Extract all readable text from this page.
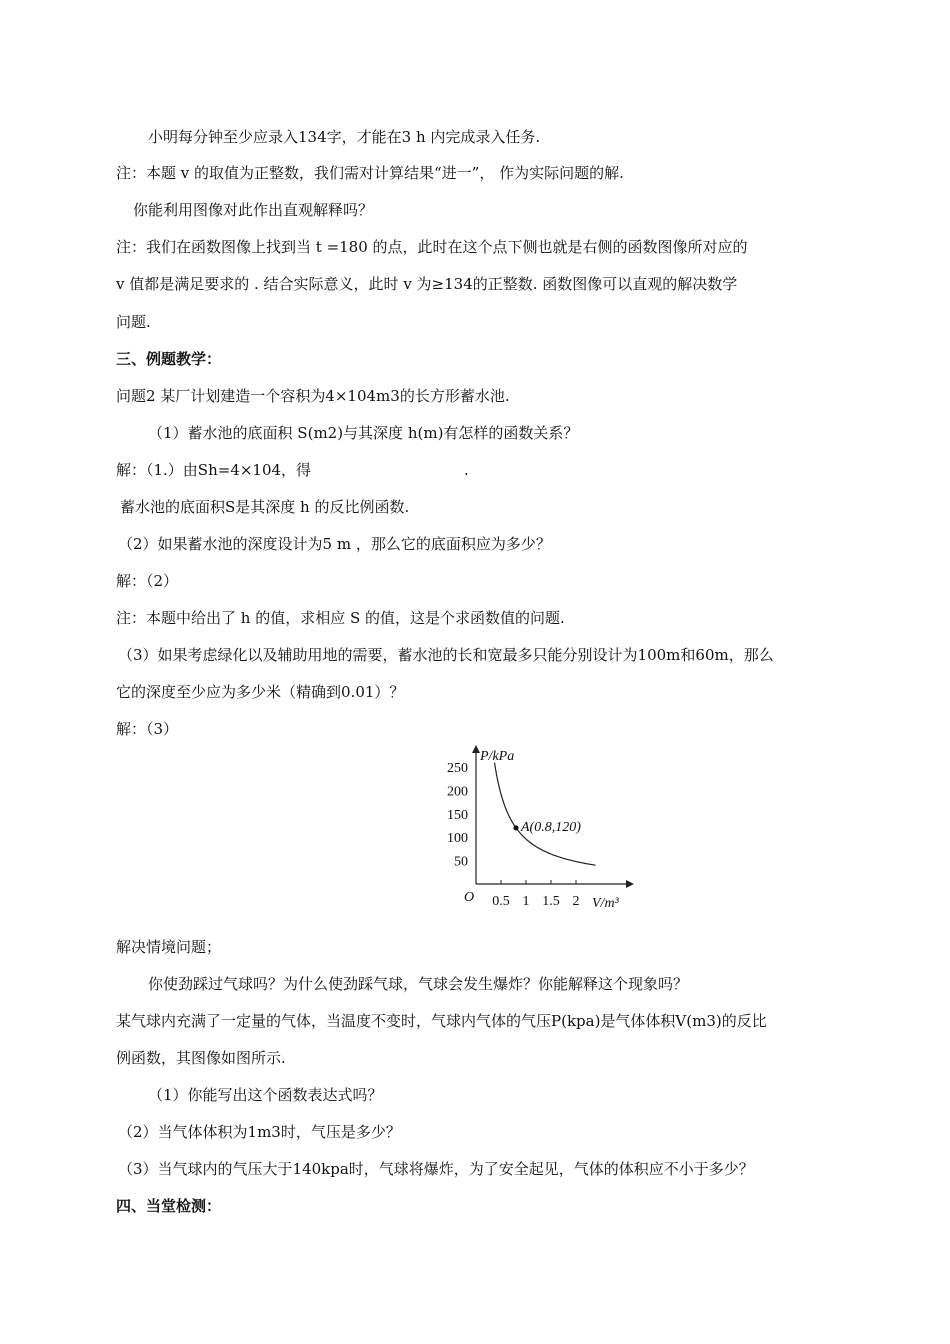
小明每分钟至少应录入134字，才能在3 h 内完成录入任务.
注：本题 v 的取值为正整数，我们需对计算结果“进一”， 作为实际问题的解.
你能利用图像对此作出直观解释吗？
注：我们在函数图像上找到当 t =180 的点，此时在这个点下侧也就是右侧的函数图像所对应的
v 值都是满足要求的 . 结合实际意义，此时 v 为≥134的正整数. 函数图像可以直观的解决数学
问题.
三、例题教学：
问题2 某厂计划建造一个容积为4×104m3的长方形蓄水池.
（1）蓄水池的底面积 S(m2)与其深度 h(m)有怎样的函数关系？
解：（1.）由Sh=4×104，得	.
蓄水池的底面积S是其深度 h 的反比例函数.
（2）如果蓄水池的深度设计为5 m ，那么它的底面积应为多少？
解：（2）
注：本题中给出了 h 的值，求相应 S 的值，这是个求函数值的问题.
（3）如果考虑绿化以及辅助用地的需要，蓄水池的长和宽最多只能分别设计为100m和60m，那么
它的深度至少应为多少米（精确到0.01）？
解：（3）
P/kPa
V/m³
O 0.5 1 1.5 2
250
200
150
100
50
A(0.8,120)
解决情境问题；
你使劲踩过气球吗？为什么使劲踩气球，气球会发生爆炸？你能解释这个现象吗？
某气球内充满了一定量的气体，当温度不变时，气球内气体的气压P(kpa)是气体体积V(m3)的反比
例函数，其图像如图所示.
（1）你能写出这个函数表达式吗？
（2）当气体体积为1m3时，气压是多少？
（3）当气球内的气压大于140kpa时，气球将爆炸，为了安全起见，气体的体积应不小于多少？
四、当堂检测：
